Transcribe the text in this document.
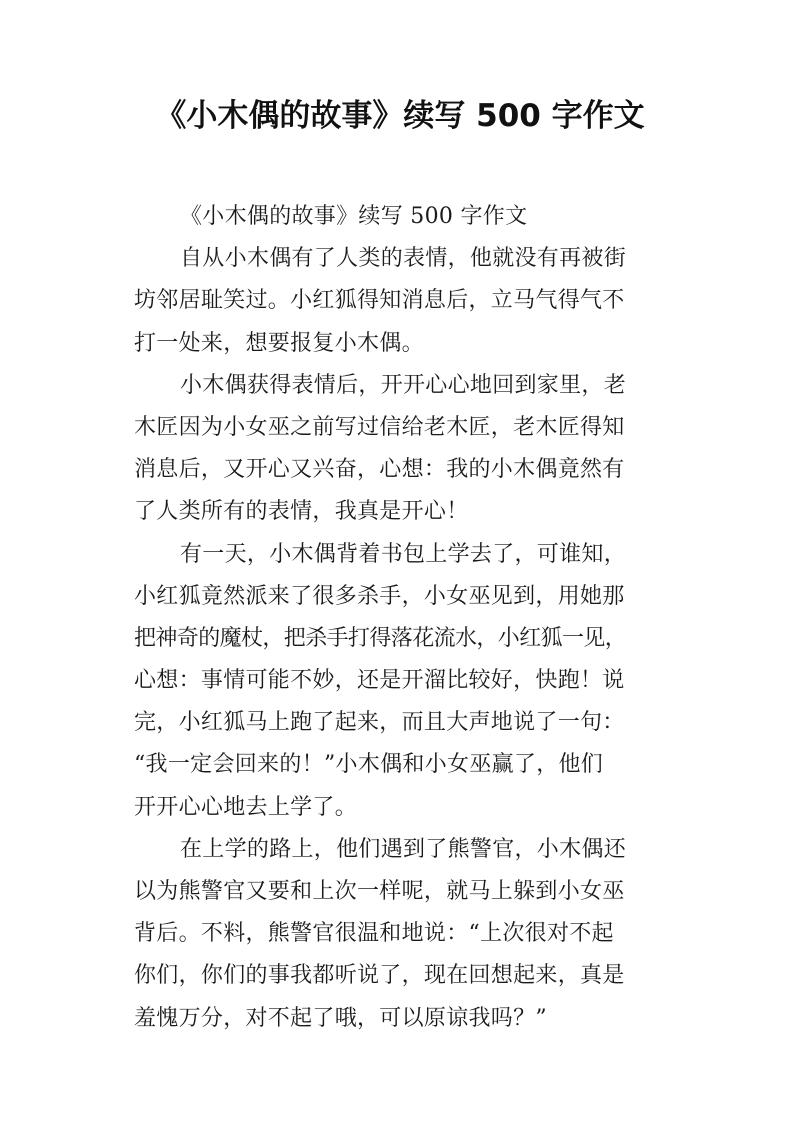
《小木偶的故事》续写 500 字作文
《小木偶的故事》续写 500 字作文
自从小木偶有了人类的表情，他就没有再被街
坊邻居耻笑过。小红狐得知消息后，立马气得气不
打一处来，想要报复小木偶。
小木偶获得表情后，开开心心地回到家里，老
木匠因为小女巫之前写过信给老木匠，老木匠得知
消息后，又开心又兴奋，心想：我的小木偶竟然有
了人类所有的表情，我真是开心！
有一天，小木偶背着书包上学去了，可谁知，
小红狐竟然派来了很多杀手，小女巫见到，用她那
把神奇的魔杖，把杀手打得落花流水，小红狐一见，
心想：事情可能不妙，还是开溜比较好，快跑！说
完，小红狐马上跑了起来，而且大声地说了一句：
“我一定会回来的！”小木偶和小女巫赢了，他们
开开心心地去上学了。
在上学的路上，他们遇到了熊警官，小木偶还
以为熊警官又要和上次一样呢，就马上躲到小女巫
背后。不料，熊警官很温和地说：“上次很对不起
你们，你们的事我都听说了，现在回想起来，真是
羞愧万分，对不起了哦，可以原谅我吗？”
